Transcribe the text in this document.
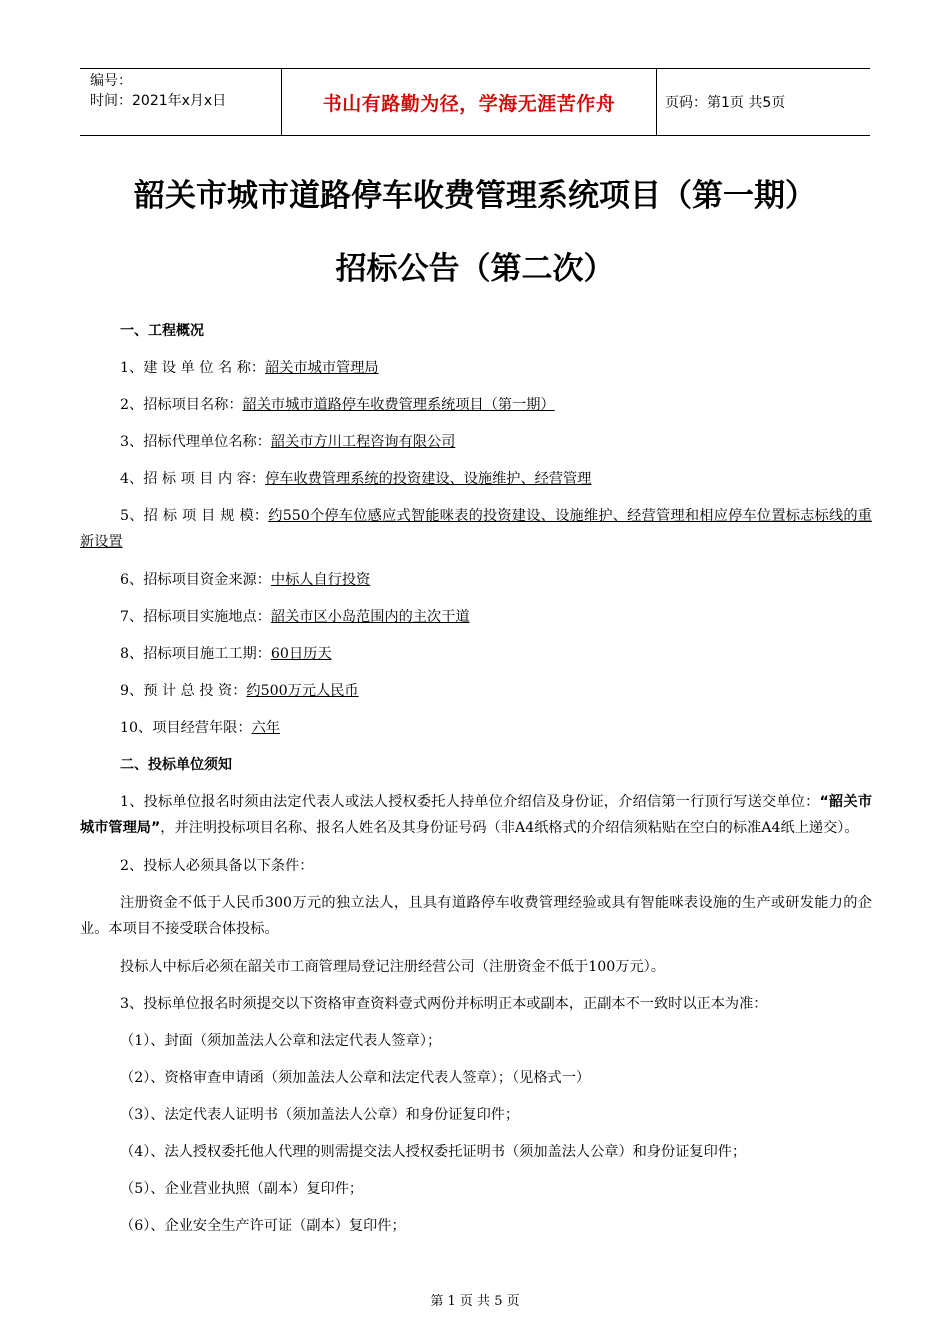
编号：
时间：2021年x月x日	书山有路勤为径，学海无涯苦作舟	页码：第1页 共5页
韶关市城市道路停车收费管理系统项目（第一期）
招标公告（第二次）
一、工程概况
1、建 设 单 位 名 称：韶关市城市管理局
2、招标项目名称：韶关市城市道路停车收费管理系统项目（第一期）
3、招标代理单位名称：韶关市方川工程咨询有限公司
4、招 标 项 目 内 容：停车收费管理系统的投资建设、设施维护、经营管理
5、招 标 项 目 规 模：约550个停车位感应式智能咪表的投资建设、设施维护、经营管理和相应停车位置标志标线的重新设置
6、招标项目资金来源：中标人自行投资
7、招标项目实施地点：韶关市区小岛范围内的主次干道
8、招标项目施工工期：60日历天
9、预 计 总 投 资：约500万元人民币
10、项目经营年限：六年
二、投标单位须知
1、投标单位报名时须由法定代表人或法人授权委托人持单位介绍信及身份证，介绍信第一行顶行写送交单位：“韶关市城市管理局”，并注明投标项目名称、报名人姓名及其身份证号码（非A4纸格式的介绍信须粘贴在空白的标准A4纸上递交）。
2、投标人必须具备以下条件：
注册资金不低于人民币300万元的独立法人，且具有道路停车收费管理经验或具有智能咪表设施的生产或研发能力的企业。本项目不接受联合体投标。
投标人中标后必须在韶关市工商管理局登记注册经营公司（注册资金不低于100万元）。
3、投标单位报名时须提交以下资格审查资料壹式两份并标明正本或副本，正副本不一致时以正本为准：
（1）、封面（须加盖法人公章和法定代表人签章）；
（2）、资格审查申请函（须加盖法人公章和法定代表人签章）；（见格式一）
（3）、法定代表人证明书（须加盖法人公章）和身份证复印件；
（4）、法人授权委托他人代理的则需提交法人授权委托证明书（须加盖法人公章）和身份证复印件；
（5）、企业营业执照（副本）复印件；
（6）、企业安全生产许可证（副本）复印件；
第 1 页 共 5 页
